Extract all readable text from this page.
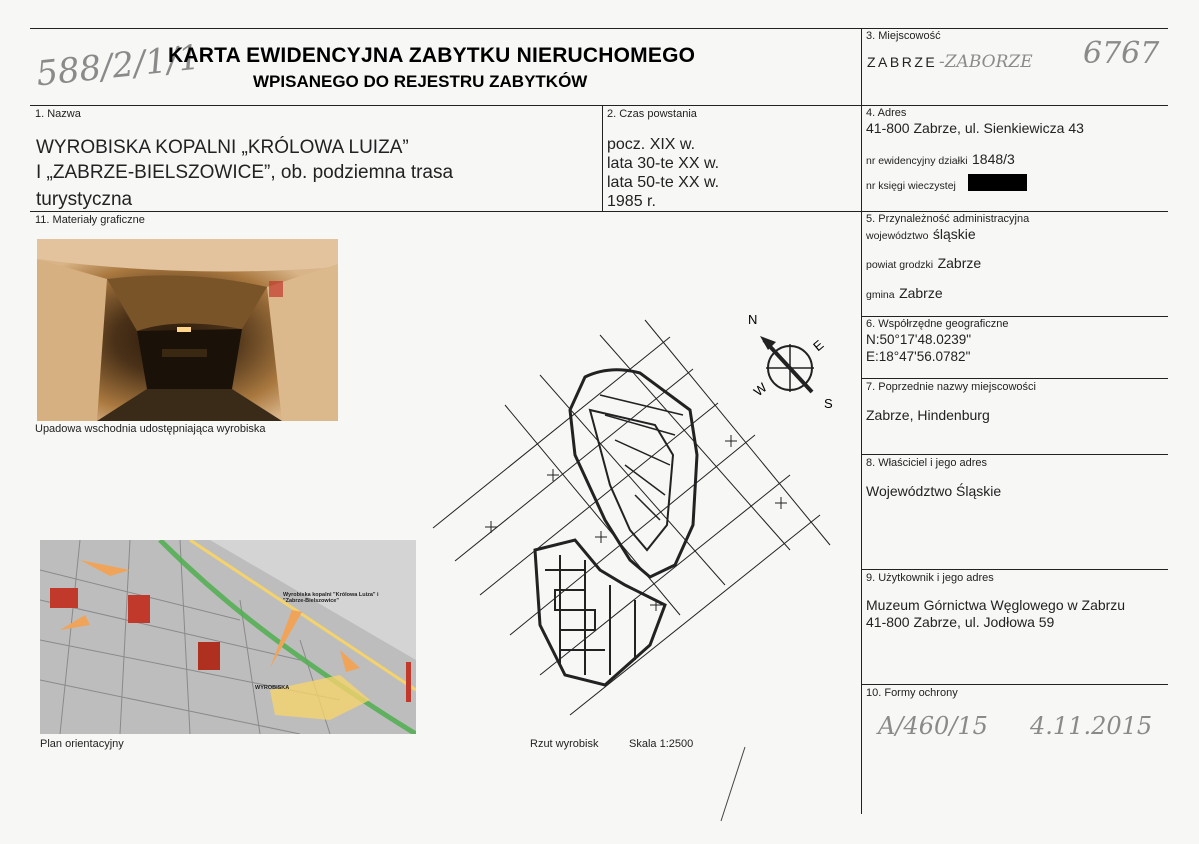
588/2/1/1
KARTA EWIDENCYJNA ZABYTKU NIERUCHOMEGO
WPISANEGO DO REJESTRU ZABYTKÓW
3. Miejscowość
ZABRZE -ZABORZE 6767
1. Nazwa
WYROBISKA KOPALNI „KRÓLOWA LUIZA”
I „ZABRZE-BIELSZOWICE”, ob. podziemna trasa
turystyczna
2. Czas powstania
pocz. XIX w.
lata 30-te XX w.
lata 50-te XX w.
1985 r.
4. Adres
41-800 Zabrze, ul. Sienkiewicza 43
nr ewidencyjny działki 1848/3
nr księgi wieczystej
5. Przynależność administracyjna
województwo śląskie
powiat grodzki Zabrze
gmina Zabrze
6. Współrzędne geograficzne
N:50°17'48.0239"
E:18°47'56.0782"
7. Poprzednie nazwy miejscowości
Zabrze, Hindenburg
8. Właściciel i jego adres
Województwo Śląskie
9. Użytkownik i jego adres
Muzeum Górnictwa Węglowego w Zabrzu
41-800 Zabrze, ul. Jodłowa 59
10. Formy ochrony
A/460/15 4.11.2015
11. Materiały graficzne
Upadowa wschodnia udostępniająca wyrobiska
Wyrobiska kopalni "Królowa Luiza" i "Zabrze-Bielszowice"
WYROBISKA
Plan orientacyjny	Rzut wyrobisk	Skala 1:2500
N
E
S
W
